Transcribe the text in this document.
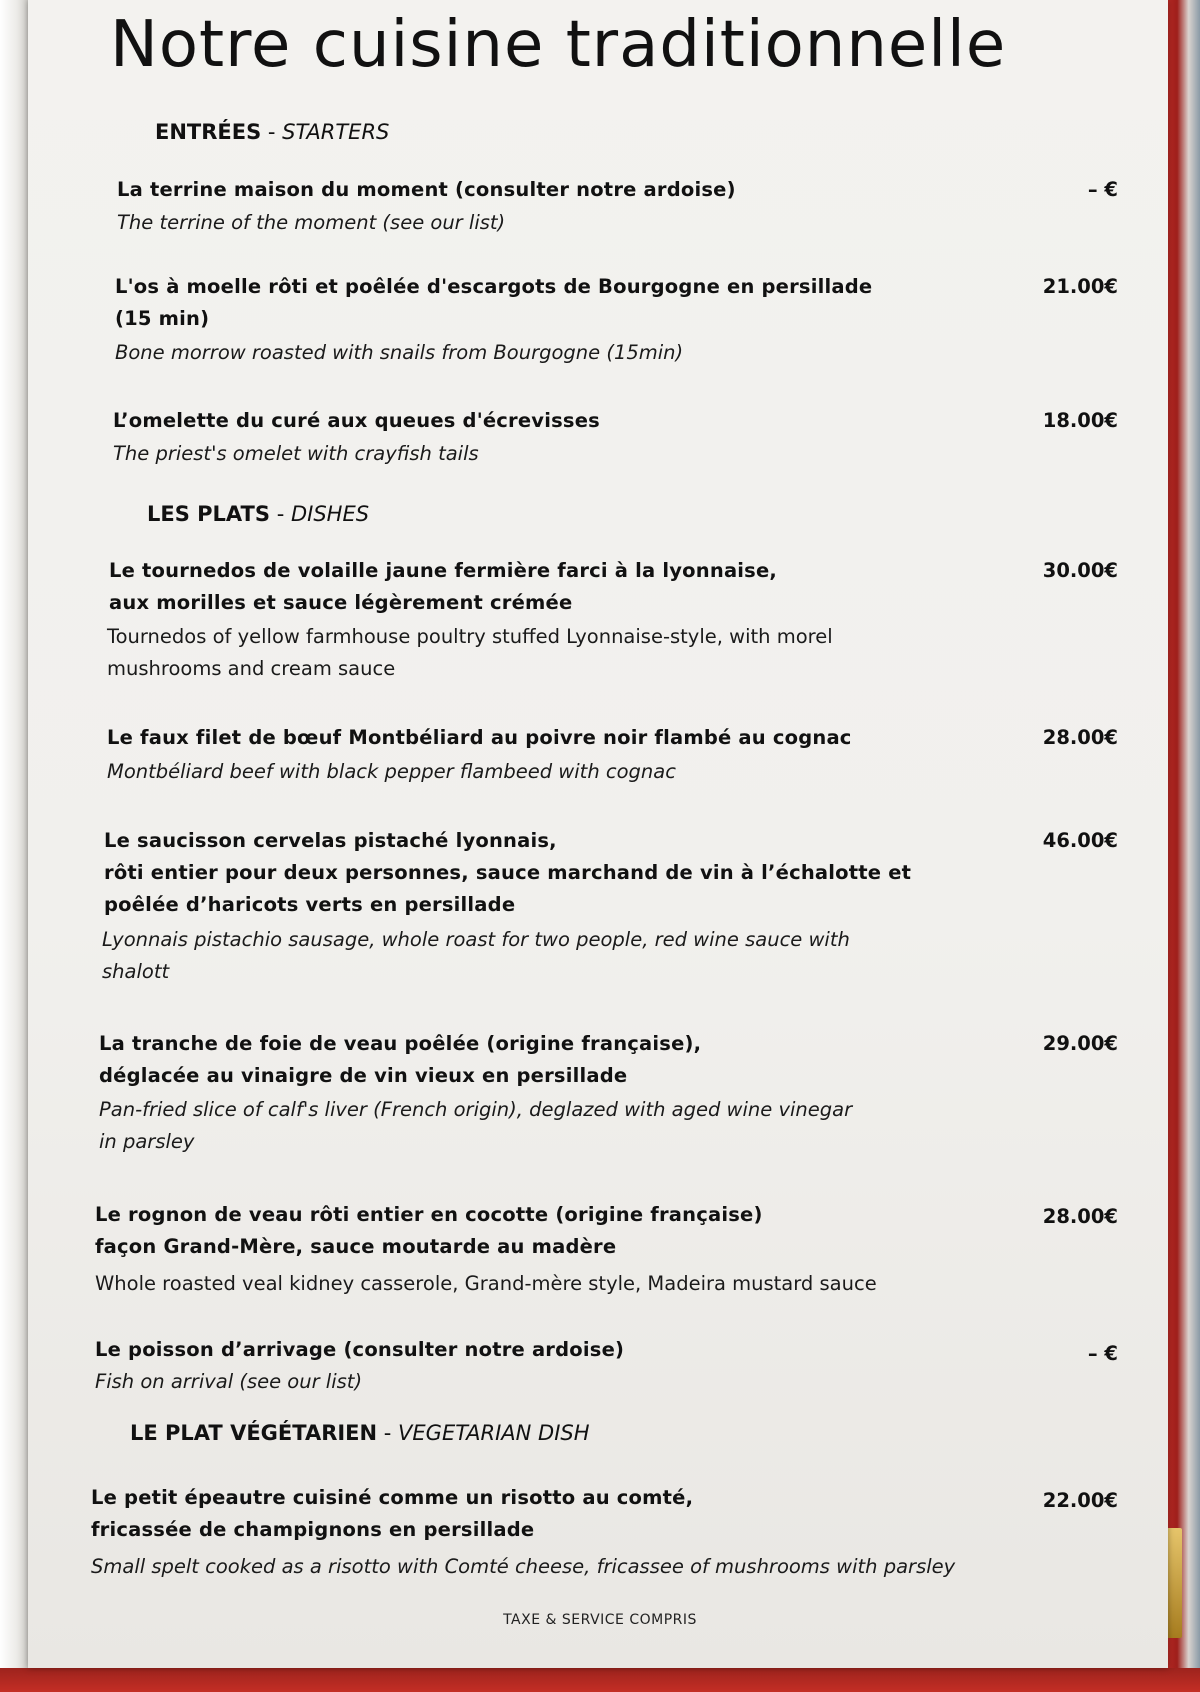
Notre cuisine traditionnelle
ENTRÉES - STARTERS
La terrine maison du moment (consulter notre ardoise)
The terrine of the moment (see our list)
– €
L'os à moelle rôti et poêlée d'escargots de Bourgogne en persillade
(15 min)
Bone morrow roasted with snails from Bourgogne (15min)
21.00€
L’omelette du curé aux queues d'écrevisses
The priest's omelet with crayfish tails
18.00€
LES PLATS - DISHES
Le tournedos de volaille jaune fermière farci à la lyonnaise,
aux morilles et sauce légèrement crémée
Tournedos of yellow farmhouse poultry stuffed Lyonnaise-style, with morel
mushrooms and cream sauce
30.00€
Le faux filet de bœuf Montbéliard au poivre noir flambé au cognac
Montbéliard beef with black pepper flambeed with cognac
28.00€
Le saucisson cervelas pistaché lyonnais,
rôti entier pour deux personnes, sauce marchand de vin à l’échalotte et
poêlée d’haricots verts en persillade
Lyonnais pistachio sausage, whole roast for two people, red wine sauce with
shalott
46.00€
La tranche de foie de veau poêlée (origine française),
déglacée au vinaigre de vin vieux en persillade
Pan-fried slice of calf's liver (French origin), deglazed with aged wine vinegar
in parsley
29.00€
Le rognon de veau rôti entier en cocotte (origine française)
façon Grand-Mère, sauce moutarde au madère
Whole roasted veal kidney casserole, Grand-mère style, Madeira mustard sauce
28.00€
Le poisson d’arrivage (consulter notre ardoise)
Fish on arrival (see our list)
– €
LE PLAT VÉGÉTARIEN - VEGETARIAN DISH
Le petit épeautre cuisiné comme un risotto au comté,
fricassée de champignons en persillade
Small spelt cooked as a risotto with Comté cheese, fricassee of mushrooms with parsley
22.00€
TAXE & SERVICE COMPRIS
